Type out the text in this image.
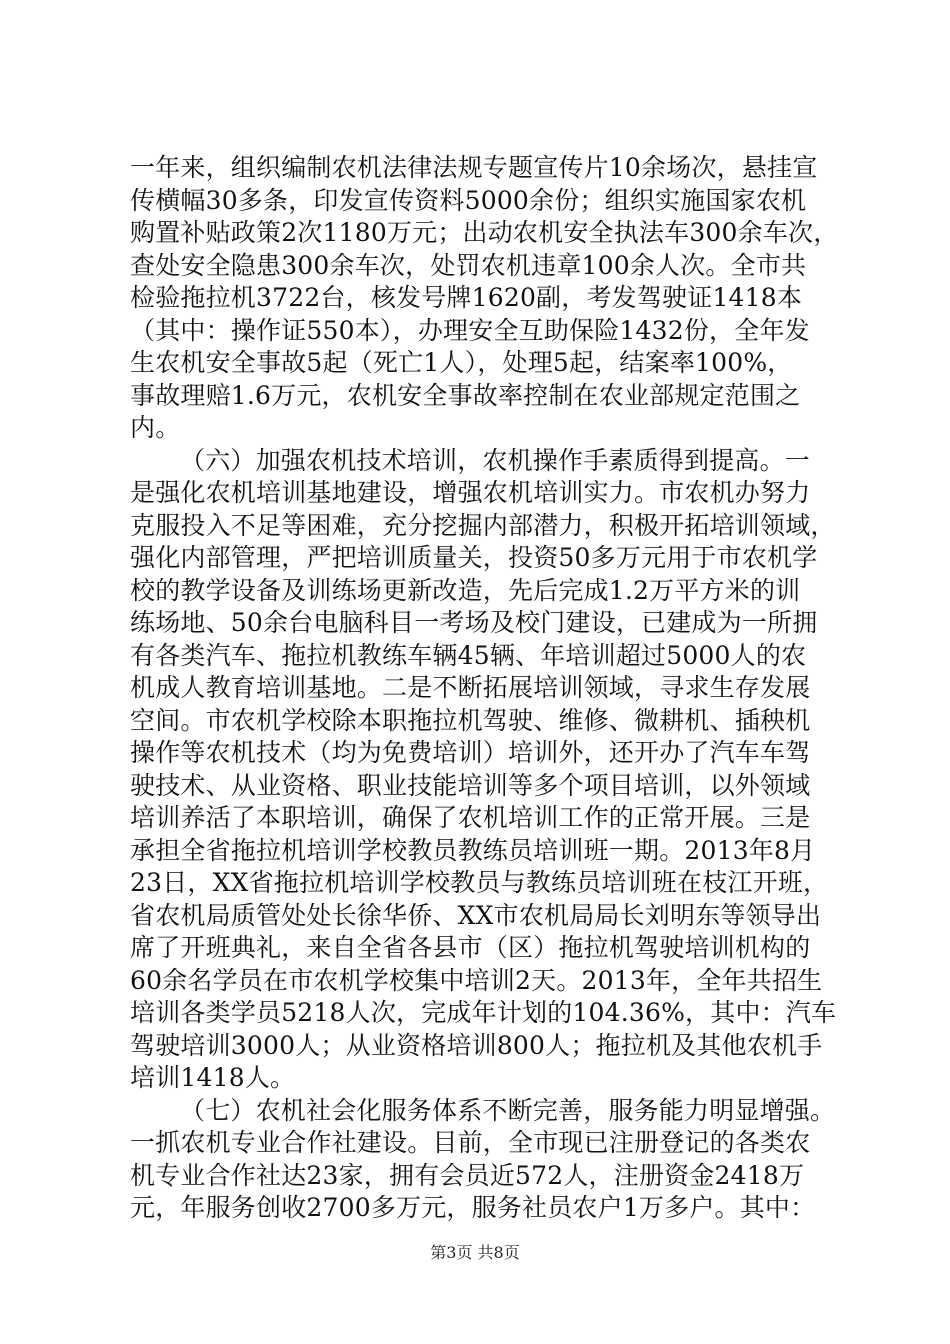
一年来，组织编制农机法律法规专题宣传片10余场次，悬挂宣
传横幅30多条，印发宣传资料5000余份；组织实施国家农机
购置补贴政策2次1180万元；出动农机安全执法车300余车次，
查处安全隐患300余车次，处罚农机违章100余人次。全市共
检验拖拉机3722台，核发号牌1620副，考发驾驶证1418本
（其中：操作证550本），办理安全互助保险1432份，全年发
生农机安全事故5起（死亡1人），处理5起，结案率100%，
事故理赔1.6万元，农机安全事故率控制在农业部规定范围之
内。
（六）加强农机技术培训，农机操作手素质得到提高。一
是强化农机培训基地建设，增强农机培训实力。市农机办努力
克服投入不足等困难，充分挖掘内部潜力，积极开拓培训领域，
强化内部管理，严把培训质量关，投资50多万元用于市农机学
校的教学设备及训练场更新改造，先后完成1.2万平方米的训
练场地、50余台电脑科目一考场及校门建设，已建成为一所拥
有各类汽车、拖拉机教练车辆45辆、年培训超过5000人的农
机成人教育培训基地。二是不断拓展培训领域，寻求生存发展
空间。市农机学校除本职拖拉机驾驶、维修、微耕机、插秧机
操作等农机技术（均为免费培训）培训外，还开办了汽车车驾
驶技术、从业资格、职业技能培训等多个项目培训，以外领域
培训养活了本职培训，确保了农机培训工作的正常开展。三是
承担全省拖拉机培训学校教员教练员培训班一期。2013年8月
23日，XX省拖拉机培训学校教员与教练员培训班在枝江开班，
省农机局质管处处长徐华侨、XX市农机局局长刘明东等领导出
席了开班典礼，来自全省各县市（区）拖拉机驾驶培训机构的
60余名学员在市农机学校集中培训2天。2013年，全年共招生
培训各类学员5218人次，完成年计划的104.36%，其中：汽车
驾驶培训3000人；从业资格培训800人；拖拉机及其他农机手
培训1418人。
（七）农机社会化服务体系不断完善，服务能力明显增强。
一抓农机专业合作社建设。目前，全市现已注册登记的各类农
机专业合作社达23家，拥有会员近572人，注册资金2418万
元，年服务创收2700多万元，服务社员农户1万多户。其中：
第3页 共8页
